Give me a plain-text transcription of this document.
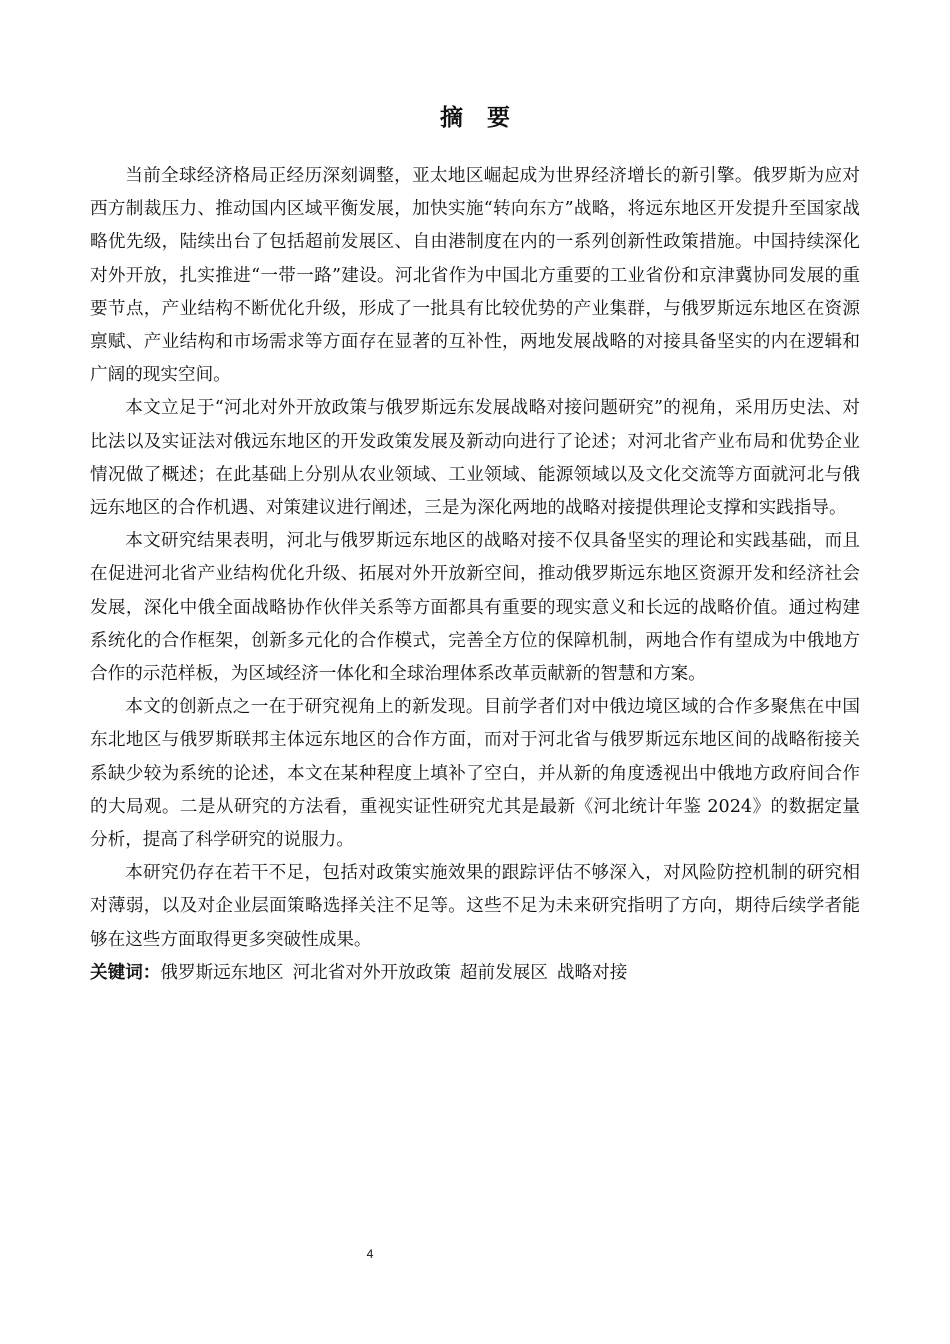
摘要

当前全球经济格局正经历深刻调整，亚太地区崛起成为世界经济增长的新引擎。俄罗斯为应对西方制裁压力、推动国内区域平衡发展，加快实施“转向东方”战略，将远东地区开发提升至国家战略优先级，陆续出台了包括超前发展区、自由港制度在内的一系列创新性政策措施。中国持续深化对外开放，扎实推进“一带一路”建设。河北省作为中国北方重要的工业省份和京津冀协同发展的重要节点，产业结构不断优化升级，形成了一批具有比较优势的产业集群，与俄罗斯远东地区在资源禀赋、产业结构和市场需求等方面存在显著的互补性，两地发展战略的对接具备坚实的内在逻辑和广阔的现实空间。

本文立足于“河北对外开放政策与俄罗斯远东发展战略对接问题研究”的视角，采用历史法、对比法以及实证法对俄远东地区的开发政策发展及新动向进行了论述；对河北省产业布局和优势企业情况做了概述；在此基础上分别从农业领域、工业领域、能源领域以及文化交流等方面就河北与俄远东地区的合作机遇、对策建议进行阐述，三是为深化两地的战略对接提供理论支撑和实践指导。

本文研究结果表明，河北与俄罗斯远东地区的战略对接不仅具备坚实的理论和实践基础，而且在促进河北省产业结构优化升级、拓展对外开放新空间，推动俄罗斯远东地区资源开发和经济社会发展，深化中俄全面战略协作伙伴关系等方面都具有重要的现实意义和长远的战略价值。通过构建系统化的合作框架，创新多元化的合作模式，完善全方位的保障机制，两地合作有望成为中俄地方合作的示范样板，为区域经济一体化和全球治理体系改革贡献新的智慧和方案。

本文的创新点之一在于研究视角上的新发现。目前学者们对中俄边境区域的合作多聚焦在中国东北地区与俄罗斯联邦主体远东地区的合作方面，而对于河北省与俄罗斯远东地区间的战略衔接关系缺少较为系统的论述，本文在某种程度上填补了空白，并从新的角度透视出中俄地方政府间合作的大局观。二是从研究的方法看，重视实证性研究尤其是最新《河北统计年鉴 2024》的数据定量分析，提高了科学研究的说服力。

本研究仍存在若干不足，包括对政策实施效果的跟踪评估不够深入，对风险防控机制的研究相对薄弱，以及对企业层面策略选择关注不足等。这些不足为未来研究指明了方向，期待后续学者能够在这些方面取得更多突破性成果。

关键词：俄罗斯远东地区 河北省对外开放政策 超前发展区 战略对接

4
